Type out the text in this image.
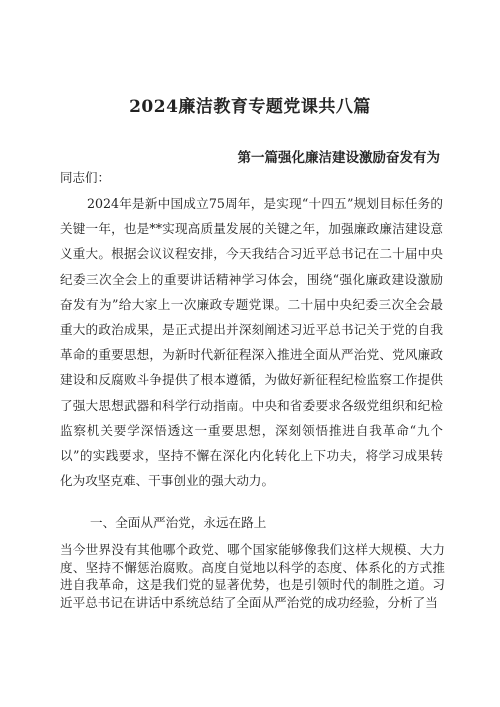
2024廉洁教育专题党课共八篇
第一篇强化廉洁建设激励奋发有为
同志们：

2024年是新中国成立75周年，是实现“十四五”规划目标任务的关键一年，也是**实现高质量发展的关键之年，加强廉政廉洁建设意义重大。根据会议议程安排，今天我结合习近平总书记在二十届中央纪委三次全会上的重要讲话精神学习体会，围绕“强化廉政建设激励奋发有为”给大家上一次廉政专题党课。二十届中央纪委三次全会最重大的政治成果，是正式提出并深刻阐述习近平总书记关于党的自我革命的重要思想，为新时代新征程深入推进全面从严治党、党风廉政建设和反腐败斗争提供了根本遵循，为做好新征程纪检监察工作提供了强大思想武器和科学行动指南。中央和省委要求各级党组织和纪检监察机关要学深悟透这一重要思想，深刻领悟推进自我革命“九个以”的实践要求，坚持不懈在深化内化转化上下功夫，将学习成果转化为攻坚克难、干事创业的强大动力。

一、全面从严治党，永远在路上

当今世界没有其他哪个政党、哪个国家能够像我们这样大规模、大力度、坚持不懈惩治腐败。高度自觉地以科学的态度、体系化的方式推进自我革命，这是我们党的显著优势，也是引领时代的制胜之道。习近平总书记在讲话中系统总结了全面从严治党的成功经验，分析了当
